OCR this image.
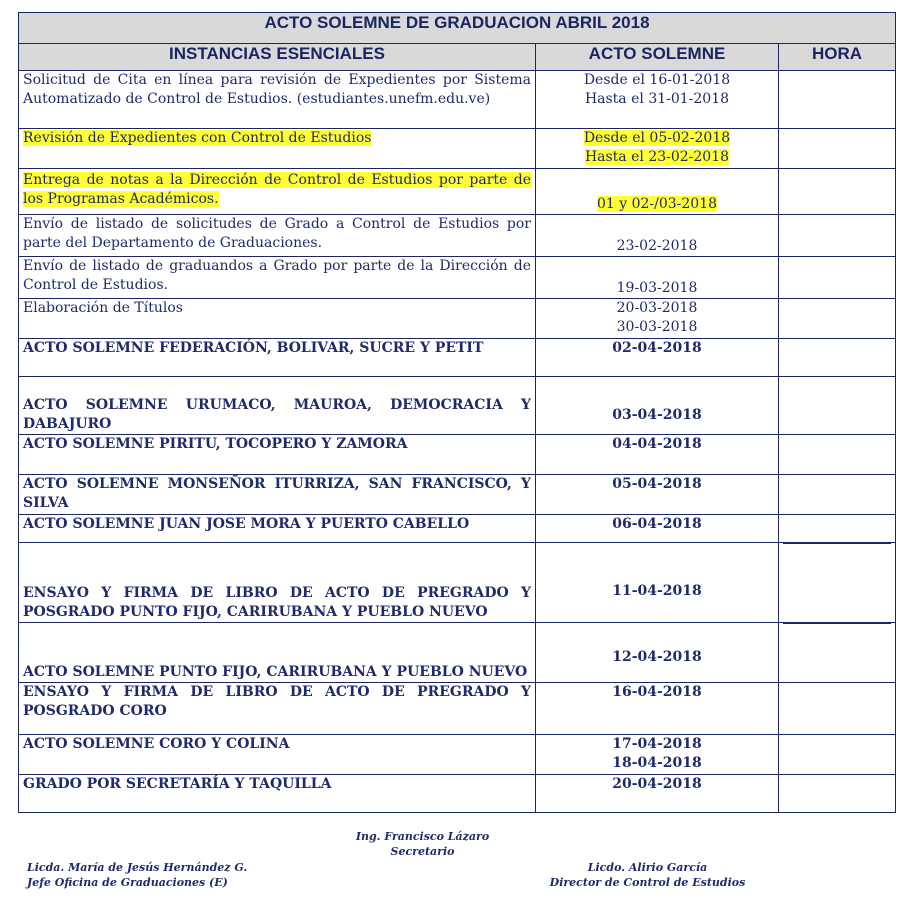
ACTO SOLEMNE DE GRADUACION ABRIL 2018		
INSTANCIAS ESENCIALES	ACTO SOLEMNE	HORA
Solicitud de Cita en línea para revisión de Expedientes por Sistema Automatizado de Control de Estudios. (estudiantes.unefm.edu.ve)	Desde el 16-01-2018
Hasta el 31-01-2018	

Revisión de Expedientes con Control de Estudios	Desde el 05-02-2018
Hasta el 23-02-2018	

Entrega de notas a la Dirección de Control de Estudios por parte de los Programas Académicos.	01 y 02-/03-2018	
Envío de listado de solicitudes de Grado a Control de Estudios por parte del Departamento de Graduaciones.	23-02-2018	
Envío de listado de graduandos a Grado por parte de la Dirección de Control de Estudios.	19-03-2018	
Elaboración de Títulos	20-03-2018
30-03-2018	

ACTO SOLEMNE FEDERACIÓN, BOLIVAR, SUCRE Y PETIT	02-04-2018	
ACTO SOLEMNE URUMACO, MAUROA, DEMOCRACIA Y DABAJURO	03-04-2018	
ACTO SOLEMNE PIRITU, TOCOPERO Y ZAMORA	04-04-2018	
ACTO SOLEMNE MONSEÑOR ITURRIZA, SAN FRANCISCO, Y SILVA	05-04-2018	
ACTO SOLEMNE JUAN JOSE MORA Y PUERTO CABELLO	06-04-2018	
ENSAYO Y FIRMA DE LIBRO DE ACTO DE PREGRADO Y POSGRADO PUNTO FIJO, CARIRUBANA Y PUEBLO NUEVO	11-04-2018	

ACTO SOLEMNE PUNTO FIJO, CARIRUBANA Y PUEBLO NUEVO	12-04-2018	

ENSAYO Y FIRMA DE LIBRO DE ACTO DE PREGRADO Y POSGRADO CORO	16-04-2018	
ACTO SOLEMNE CORO Y COLINA	17-04-2018
18-04-2018	

GRADO POR SECRETARÍA Y TAQUILLA	20-04-2018	
Ing. Francisco Lázaro
Secretario
Licda. María de Jesús Hernández G.
Jefe Oficina de Graduaciones (E)
Licdo. Alirio García
Director de Control de Estudios
